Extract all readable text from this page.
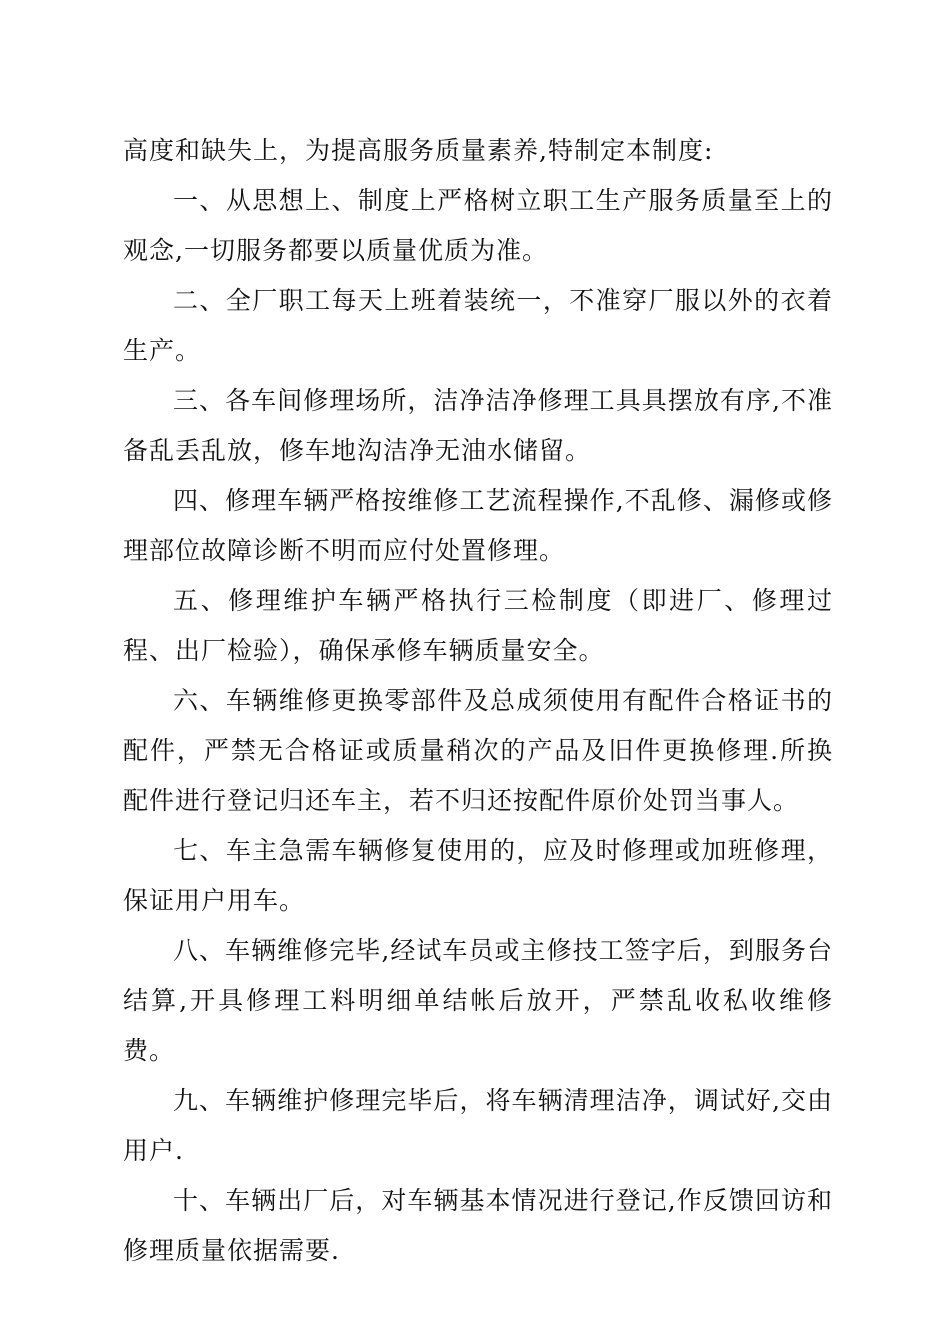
高度和缺失上，为提高服务质量素养,特制定本制度:

一、从思想上、制度上严格树立职工生产服务质量至上的观念,一切服务都要以质量优质为准。

二、全厂职工每天上班着装统一，不准穿厂服以外的衣着生产。

三、各车间修理场所，洁净洁净修理工具具摆放有序,不准备乱丢乱放，修车地沟洁净无油水储留。

四、修理车辆严格按维修工艺流程操作,不乱修、漏修或修理部位故障诊断不明而应付处置修理。

五、修理维护车辆严格执行三检制度（即进厂、修理过程、出厂检验），确保承修车辆质量安全。

六、车辆维修更换零部件及总成须使用有配件合格证书的配件，严禁无合格证或质量稍次的产品及旧件更换修理.所换配件进行登记归还车主，若不归还按配件原价处罚当事人。

七、车主急需车辆修复使用的，应及时修理或加班修理，保证用户用车。

八、车辆维修完毕,经试车员或主修技工签字后，到服务台结算,开具修理工料明细单结帐后放开，严禁乱收私收维修费。

九、车辆维护修理完毕后，将车辆清理洁净，调试好,交由用户.

十、车辆出厂后，对车辆基本情况进行登记,作反馈回访和修理质量依据需要.
